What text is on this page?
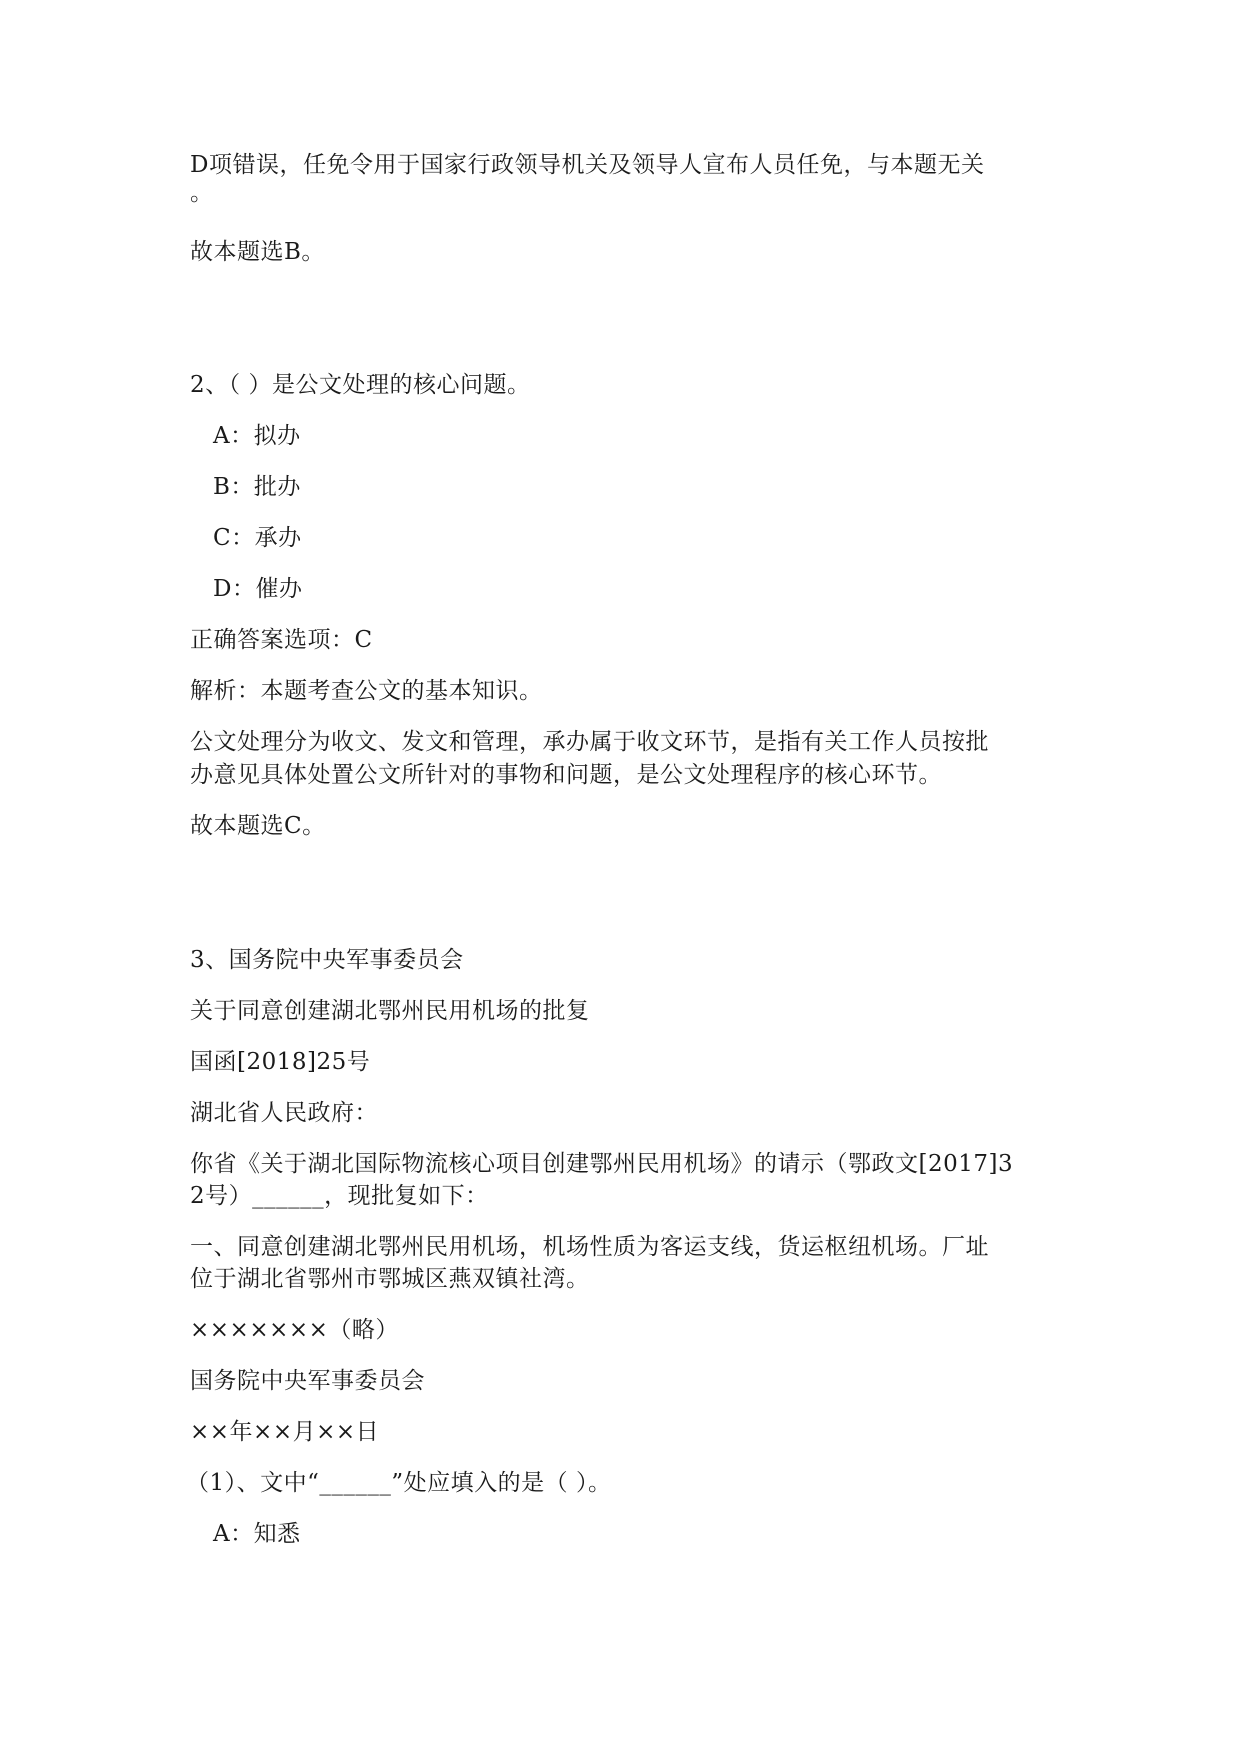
D项错误，任免令用于国家行政领导机关及领导人宣布人员任免，与本题无关
。
故本题选B。
2、（ ）是公文处理的核心问题。
A：拟办
B：批办
C：承办
D：催办
正确答案选项：C
解析：本题考查公文的基本知识。
公文处理分为收文、发文和管理，承办属于收文环节，是指有关工作人员按批
办意见具体处置公文所针对的事物和问题，是公文处理程序的核心环节。
故本题选C。
3、国务院中央军事委员会
关于同意创建湖北鄂州民用机场的批复
国函[2018]25号
湖北省人民政府：
你省《关于湖北国际物流核心项目创建鄂州民用机场》的请示（鄂政文[2017]3
2号）______，现批复如下：
一、同意创建湖北鄂州民用机场，机场性质为客运支线，货运枢纽机场。厂址
位于湖北省鄂州市鄂城区燕双镇社湾。
×××××××（略）
国务院中央军事委员会
××年××月××日
（1）、文中“______”处应填入的是（ ）。
A：知悉
